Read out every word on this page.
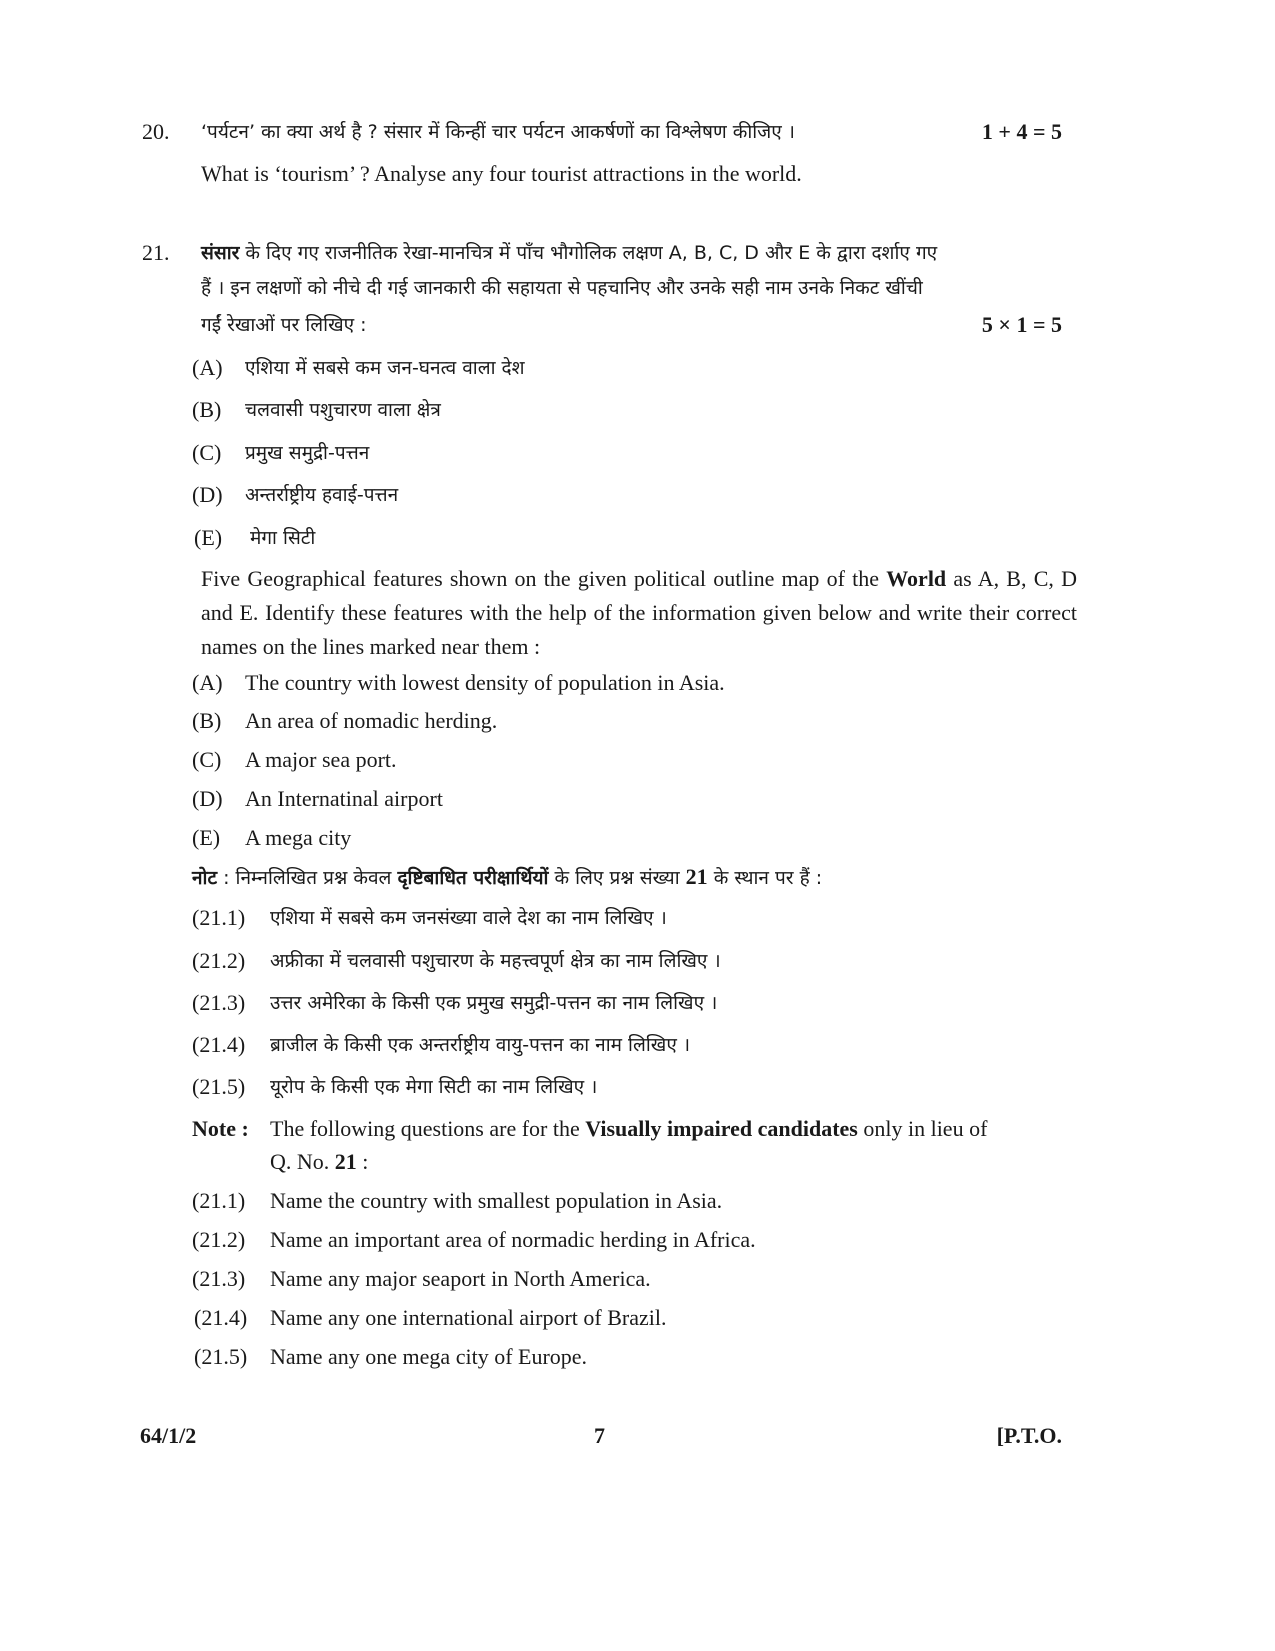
20. ‘पर्यटन’ का क्या अर्थ है ? संसार में किन्हीं चार पर्यटन आकर्षणों का विश्लेषण कीजिए ।	1 + 4 = 5
What is ‘tourism’ ? Analyse any four tourist attractions in the world.
21. संसार के दिए गए राजनीतिक रेखा-मानचित्र में पाँच भौगोलिक लक्षण A, B, C, D और E के द्वारा दर्शाए गए
हैं । इन लक्षणों को नीचे दी गई जानकारी की सहायता से पहचानिए और उनके सही नाम उनके निकट खींची
गईं रेखाओं पर लिखिए :	5 × 1 = 5
(A) एशिया में सबसे कम जन-घनत्व वाला देश
(B) चलवासी पशुचारण वाला क्षेत्र
(C) प्रमुख समुद्री-पत्तन
(D) अन्तर्राष्ट्रीय हवाई-पत्तन
(E) मेगा सिटी
Five Geographical features shown on the given political outline map of the World as A, B, C, D and E. Identify these features with the help of the information given below and write their correct names on the lines marked near them :
(A) The country with lowest density of population in Asia.
(B) An area of nomadic herding.
(C) A major sea port.
(D) An Internatinal airport
(E) A mega city
नोट : निम्नलिखित प्रश्न केवल दृष्टिबाधित परीक्षार्थियों के लिए प्रश्न संख्या 21 के स्थान पर हैं :
(21.1) एशिया में सबसे कम जनसंख्या वाले देश का नाम लिखिए ।
(21.2) अफ्रीका में चलवासी पशुचारण के महत्त्वपूर्ण क्षेत्र का नाम लिखिए ।
(21.3) उत्तर अमेरिका के किसी एक प्रमुख समुद्री-पत्तन का नाम लिखिए ।
(21.4) ब्राजील के किसी एक अन्तर्राष्ट्रीय वायु-पत्तन का नाम लिखिए ।
(21.5) यूरोप के किसी एक मेगा सिटी का नाम लिखिए ।
Note : The following questions are for the Visually impaired candidates only in lieu of
Q. No. 21 :
(21.1) Name the country with smallest population in Asia.
(21.2) Name an important area of normadic herding in Africa.
(21.3) Name any major seaport in North America.
(21.4) Name any one international airport of Brazil.
(21.5) Name any one mega city of Europe.
64/1/2	7	[P.T.O.
